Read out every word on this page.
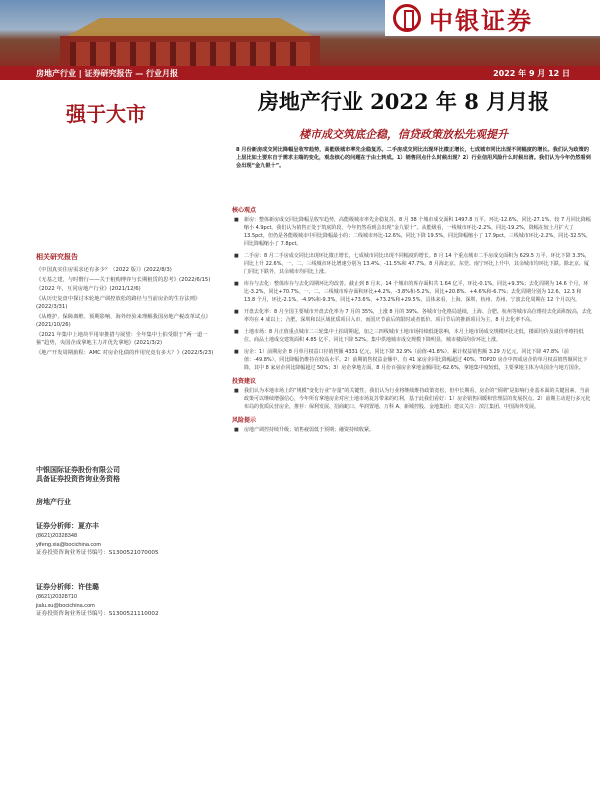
中银证券
房地产行业 | 证券研究报告 — 行业月报	2022 年 9 月 12 日
强于大市
相关研究报告
《中国真实住房需求还有多少？（2022 版）》(2022/8/3)
《无基之建，与时偕行——关于租购博弈与长期租赁的思考》(2022/6/15)
《2022 年，互同房地产行业》(2021/12/6)
《从历史复盘中探讨本轮地产调控放松的路径与当前房企的生存法则》(2022/3/31)
《从维护、保障离维、预期影响、海外经验来理解我国房地产税改革试点》(2021/10/26)
《2021 年集中上地块半用审推措与展望：全年集中土拍受限于“两一道一箍”趋势，央国企成拿地主力并优先拿地》(2021/3/2)
《地产开发周期旅程：AMC 对房企化债的作用究竟有多大？》(2022/5/23)
中银国际证券股份有限公司
具备证券投资咨询业务资格
房地产行业
证券分析师：夏亦丰
(8621)20328348
yifeng.xia@bocichina.com
证券投资咨询业务证书编号：S1300521070005
证券分析师：许佳璐
(8621)20328710
jialu.xu@bocichina.com
证券投资咨询业务证书编号：S1300521110002
房地产行业 2022 年 8 月月报
楼市成交筑底企稳，信贷政策放松先观提升
8 月份新房成交同比降幅呈收窄趋势，高能级城市率先企稳复苏。二手房成交同比出现环比微正增长，七成城市同比出现不同幅度的增长。我们认为政策的上层比如土要东自于需求主端的变化，观念核心的问题在于由土转成。1）销售回点什么时候出现？2）行业信用风险什么时候出清。我们认为今年仍然看到会出现“金九银十”。
核心观点
■ 新房：整体新房成交同比降幅呈收窄趋势，高能级城市率先企稳复苏。8 月 38 个城市成交面积 1497.8 万平，环比-12.6%，同比-27.1%，较 7 月同比降幅缩小 4.9pct。我们认为销售正处于筑底阶段，今年仍然看到会出现“金九银十”。从能级看，一线城市环比-2.2%，同比-19.2%，降幅在较上月扩大了 13.5pct，但仍是各能级城市中同比降幅最小的；二线城市环比-12.6%，同比下降 19.5%，同比降幅缩小了 17.9pct。三线城市环比-2.2%，同比-32.5%，同比降幅缩小了 7.8pct。
■ 二手房：8 月二手房成交同比出现环比微正增长，七成城市同比出现不同幅度的增长。8 月 14 个重点城市二手房成交面积为 629.5 万平，环比下降 3.3%，同比上升 22.6%。一、二、三线城市环比增速分别为 13.4%、-11.5%和 47.7%。8 月海北京、东莞、南宁环比上升中，其余城市均环比下跌。除北京、厦门同比下跌外，其余城市均同比上涨。
■ 库存与去化：整体库存与去化周期环比均改善。截止到 8 月末，14 个城市的库存面积共 1.64 亿平，环比-0.1%，同比+9.3%；去化周期为 14.6 个月，环比-3.2%，同比+70.7%。一、二、三线城市库存面积环比+4.2%、-3.8%和-5.2%，同比+20.8%、+4.6%和-6.7%；去化周期分别为 12.6、12.3 和 13.8 个月，环比-2.1%、-4.9%和-9.3%，同比+73.6%、+73.2%和+29.5%，具体来看，上海、深圳、杭州、苏州、宁波去化周期在 12 个月以内。
■ 开盘去化率：8 月全国主要城市开盘去化率为 7 月的 35%，上涨 8 月的 39%。各城市分化格局延续，上海、合肥、杭州等城市高位维持去化面积较高，去化率均在 4 成以上；合肥、深圳和以区域优质项目入市，而国庆节前后的限时或者低价、项目节后的推新项目为主，8 月去化率不高。
■ 土地市场：8 月正值重点城市二三轮集中土拍周期起，加之三四线城市土地市场持续低迷影响，本月土地市场成交规模环比走低，楼面均价及溢价率维持低位。商品土地成交建筑面积 4.85 亿平，同比下降 52%。集中供地城市成交规模下降明显，城市楼面均价环比上涨。
■ 房企：1）前期房企 8 月单月权益口径销售额 4331 亿元，同比下降 32.9%（前值-41.8%），累计权益销售额 3.29 万亿元，同比下降 47.8%（前值：-49.8%），同比降幅仍维持在较高水平。2）前期销售权益金额中，有 41 家房企同比降幅超过 40%，TOP20 房企中四成房企的单月权益销售额同比下降，其中 8 家房企同比降幅超过 50%；3）房企拿地方面，8 月份百强房企拿地金额同比-62.6%，拿地集中度较低，主要拿地主体为央国企与地方国企。
投资建议
■ 我们认为本地市场上的“规模”变化行业“存量”的关键性，我们认为行业将继续维持政策宽松，但中长期看，房企的“预期”是影响行业基本面的关键因素。当前政策可以继续增强信心，今年所有拿地房企对应土地市场复苏带来的红利，基于此我们看好：1）房企销售回暖和管理层的发展拐点。2）前期主动进行多元化布局的优质民营房企，推荐：保利发展、招商蛇口、华润置地、万科 A、新城控股、金地集团；建议关注：滨江集团、中国海外发展。
风险提示
■ 房地产调控持续升级；销售疲弱低于预期；融资持续收紧。
